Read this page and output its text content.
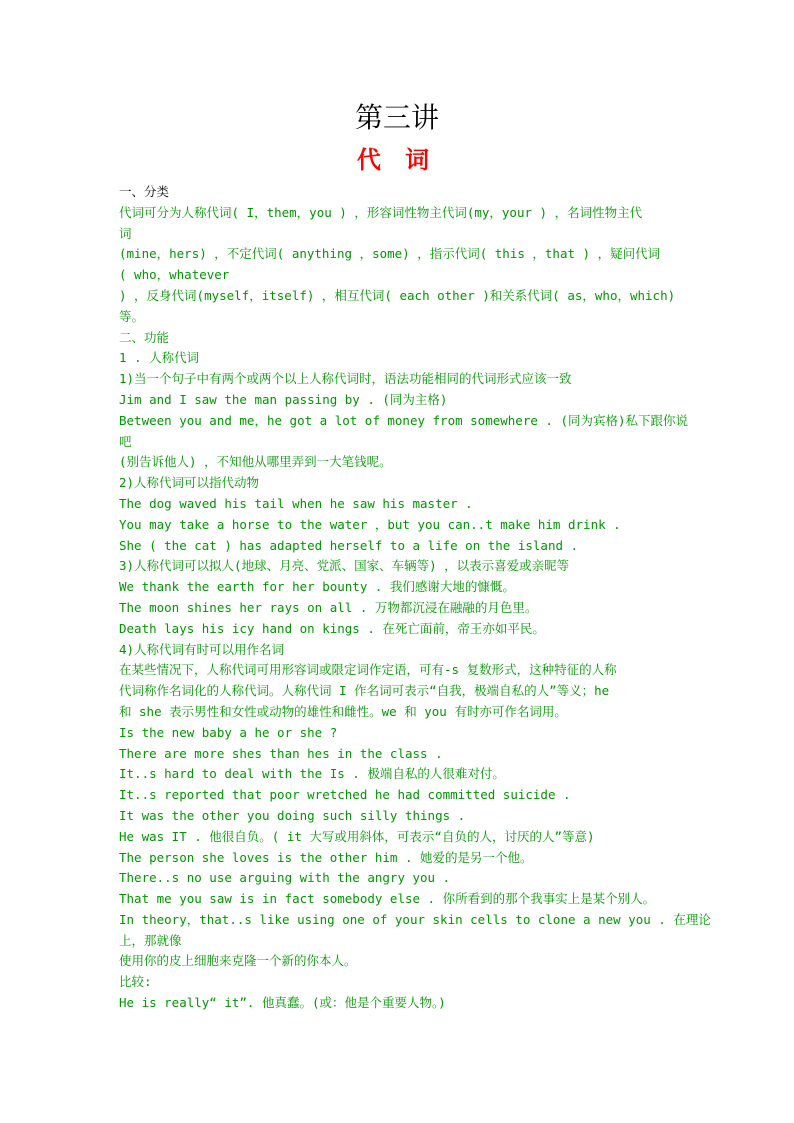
第三讲
代 词
一、分类
代词可分为人称代词( I，them，you ) ，形容词性物主代词(my，your ) ，名词性物主代
词
(mine，hers) ，不定代词( anything ，some) ，指示代词( this ，that ) ，疑问代词
( who，whatever
) ，反身代词(myself，itself) ，相互代词( each other )和关系代词( as，who，which)
等。
二、功能
1 . 人称代词
1)当一个句子中有两个或两个以上人称代词时，语法功能相同的代词形式应该一致
Jim and I saw the man passing by . (同为主格)
Between you and me，he got a lot of money from somewhere . (同为宾格)私下跟你说
吧
(别告诉他人) ，不知他从哪里弄到一大笔钱呢。
2)人称代词可以指代动物
The dog waved his tail when he saw his master .
You may take a horse to the water ，but you can..t make him drink .
She ( the cat ) has adapted herself to a life on the island .
3)人称代词可以拟人(地球、月亮、党派、国家、车辆等) ，以表示喜爱或亲昵等
We thank the earth for her bounty . 我们感谢大地的慷慨。
The moon shines her rays on all . 万物都沉浸在融融的月色里。
Death lays his icy hand on kings . 在死亡面前，帝王亦如平民。
4)人称代词有时可以用作名词
在某些情况下，人称代词可用形容词或限定词作定语，可有-s 复数形式，这种特征的人称
代词称作名词化的人称代词。人称代词 I 作名词可表示“自我，极端自私的人”等义；he
和 she 表示男性和女性或动物的雄性和雌性。we 和 you 有时亦可作名词用。
Is the new baby a he or she ?
There are more shes than hes in the class .
It..s hard to deal with the Is . 极端自私的人很难对付。
It..s reported that poor wretched he had committed suicide .
It was the other you doing such silly things .
He was IT . 他很自负。( it 大写或用斜体，可表示“自负的人，讨厌的人”等意)
The person she loves is the other him . 她爱的是另一个他。
There..s no use arguing with the angry you .
That me you saw is in fact somebody else . 你所看到的那个我事实上是某个别人。
In theory，that..s like using one of your skin cells to clone a new you . 在理论
上，那就像
使用你的皮上细胞来克隆一个新的你本人。
比较:
He is really“ it”. 他真蠢。(或：他是个重要人物。)
